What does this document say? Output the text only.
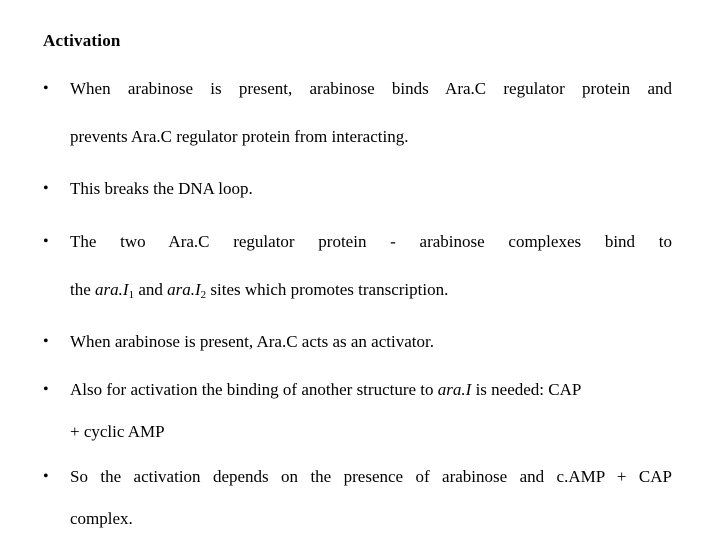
Activation
•	When arabinose is present, arabinose binds Ara.C regulator protein and
prevents Ara.C regulator protein from interacting.
•	This breaks the DNA loop.
•	The two Ara.C regulator protein - arabinose complexes bind to
the $ara.I_1$ and $ara.I_2$ sites which promotes transcription.
•	When arabinose is present, Ara.C acts as an activator.
•	Also for activation the binding of another structure to ara.I is needed: CAP
+ cyclic AMP
•	So the activation depends on the presence of arabinose and c.AMP + CAP
complex.
